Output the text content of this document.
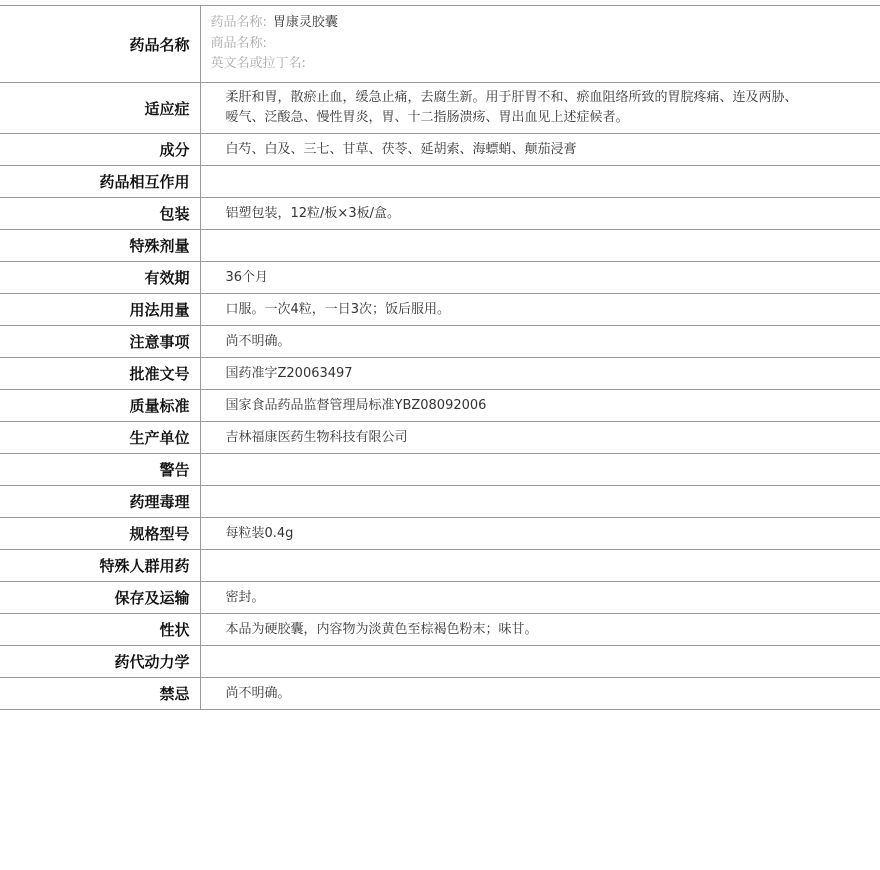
药品名称	药品名称: 胃康灵胶囊
商品名称:
英文名或拉丁名:

适应症	柔肝和胃，散瘀止血，缓急止痛，去腐生新。用于肝胃不和、瘀血阻络所致的胃脘疼痛、连及两胁、嗳气、泛酸急、慢性胃炎，胃、十二指肠溃疡、胃出血见上述症候者。
成分	白芍、白及、三七、甘草、茯苓、延胡索、海螵蛸、颠茄浸膏
药品相互作用	
包装	铝塑包装，12粒/板×3板/盒。
特殊剂量	
有效期	36个月
用法用量	口服。一次4粒，一日3次；饭后服用。
注意事项	尚不明确。
批准文号	国药准字Z20063497
质量标准	国家食品药品监督管理局标准YBZ08092006
生产单位	吉林福康医药生物科技有限公司
警告	
药理毒理	
规格型号	每粒装0.4g
特殊人群用药	
保存及运输	密封。
性状	本品为硬胶囊，内容物为淡黄色至棕褐色粉末；味甘。
药代动力学	
禁忌	尚不明确。
